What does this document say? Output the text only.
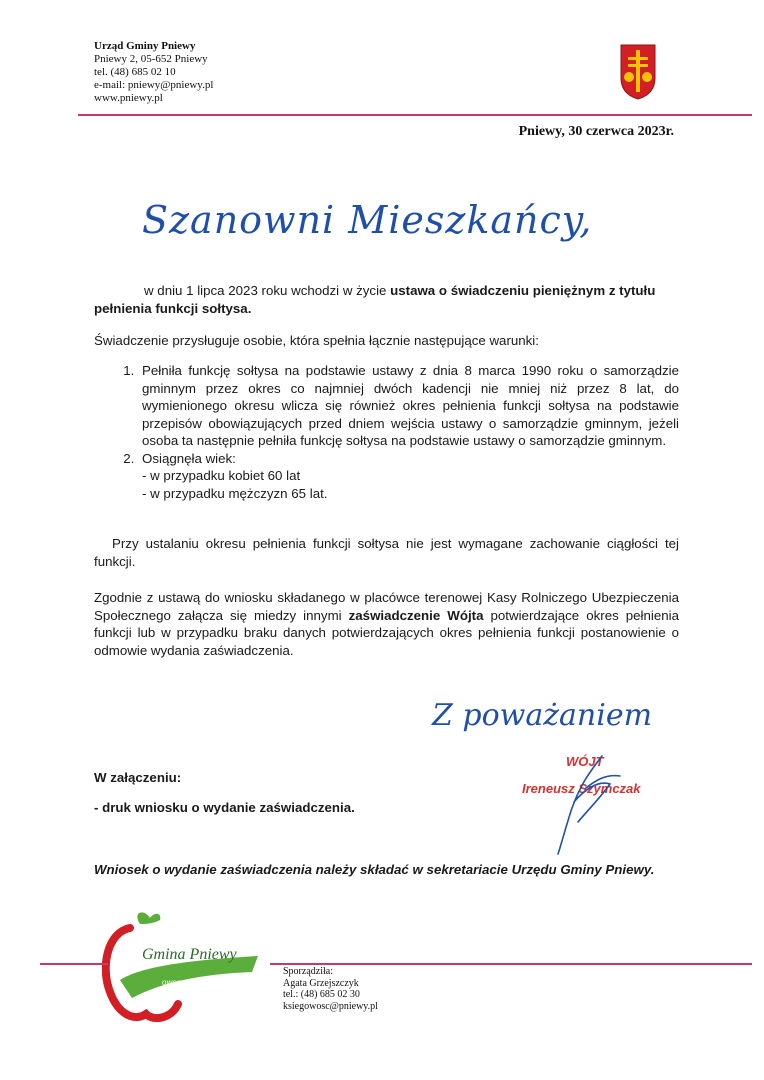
Urząd Gminy Pniewy
Pniewy 2, 05-652 Pniewy
tel. (48) 685 02 10
e-mail: pniewy@pniewy.pl
www.pniewy.pl
Pniewy, 30 czerwca 2023r.
Szanowni Mieszkańcy,
w dniu 1 lipca 2023 roku wchodzi w życie ustawa o świadczeniu pieniężnym z tytułu pełnienia funkcji sołtysa.
Świadczenie przysługuje osobie, która spełnia łącznie następujące warunki:
1. Pełniła funkcję sołtysa na podstawie ustawy z dnia 8 marca 1990 roku o samorządzie gminnym przez okres co najmniej dwóch kadencji nie mniej niż przez 8 lat, do wymienionego okresu wlicza się również okres pełnienia funkcji sołtysa na podstawie przepisów obowiązujących przed dniem wejścia ustawy o samorządzie gminnym, jeżeli osoba ta następnie pełniła funkcję sołtysa na podstawie ustawy o samorządzie gminnym.
2. Osiągnęła wiek:
- w przypadku kobiet 60 lat
- w przypadku mężczyzn 65 lat.
Przy ustalaniu okresu pełnienia funkcji sołtysa nie jest wymagane zachowanie ciągłości tej funkcji.
Zgodnie z ustawą do wniosku składanego w placówce terenowej Kasy Rolniczego Ubezpieczenia Społecznego załącza się miedzy innymi zaświadczenie Wójta potwierdzające okres pełnienia funkcji lub w przypadku braku danych potwierdzających okres pełnienia funkcji postanowienie o odmowie wydania zaświadczenia.
Z poważaniem
WÓJT
Ireneusz Szymczak
W załączeniu:
- druk wniosku o wydanie zaświadczenia.
Wniosek o wydanie zaświadczenia należy składać w sekretariacie Urzędu Gminy Pniewy.
Gmina Pniewy
owocna przyszłość
Sporządziła:
Agata Grzejszczyk
tel.: (48) 685 02 30
ksiegowosc@pniewy.pl
